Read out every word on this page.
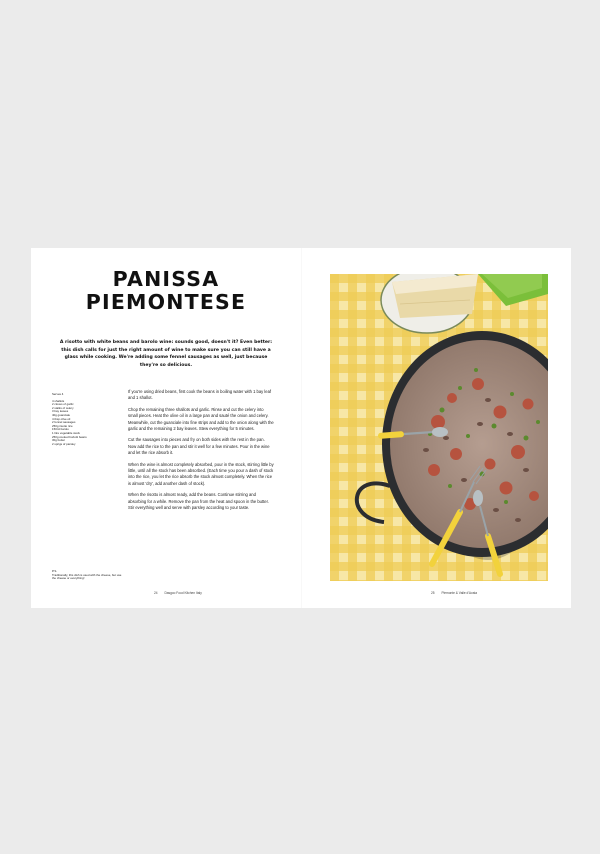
PANISSA
PIEMONTESE

A risotto with white beans and barolo wine: sounds good, doesn't it? Even better: this dish calls for just the right amount of wine to make sure you can still have a glass while cooking. We're adding some fennel sausages as well, just because they're so delicious.

Serves 4
4 shallots
2 cloves of garlic
2 stalks of celery
3 bay leaves
40g guanciale
4 tbsp olive oil
2 fennel sausages
250g risotto rice
150ml barolo
1 litre vegetable stock
250g cooked borlotti beans
30g butter
2 sprigs of parsley

If you're using dried beans, first cook the beans in boiling water with 1 bay leaf and 1 shallot.

Chop the remaining three shallots and garlic. Rinse and cut the celery into small pieces. Heat the olive oil in a large pan and sauté the onion and celery. Meanwhile, cut the guanciale into fine strips and add to the onion along with the garlic and the remaining 2 bay leaves. Stew everything for 5 minutes.

Cut the sausages into pieces and fry on both sides with the rest in the pan. Now add the rice to the pan and stir it well for a few minutes. Pour in the wine and let the rice absorb it.

When the wine is almost completely absorbed, pour in the stock, stirring little by little, until all the stock has been absorbed. (Each time you pour a dash of stock into the rice, you let the rice absorb the stock almost completely. When the rice is almost 'dry', add another dash of stock).

When the risotto is almost ready, add the beans. Continue stirring and absorbing for a while. Remove the pan from the heat and spoon in the butter. Stir everything well and serve with parsley according to your taste.

P.S.
Traditionally, this dish is used with the cheese, but use the cheese or everything!
24 Dasgoo Food Kitchen Italy	25 Piemonte & Valle d'Aosta
